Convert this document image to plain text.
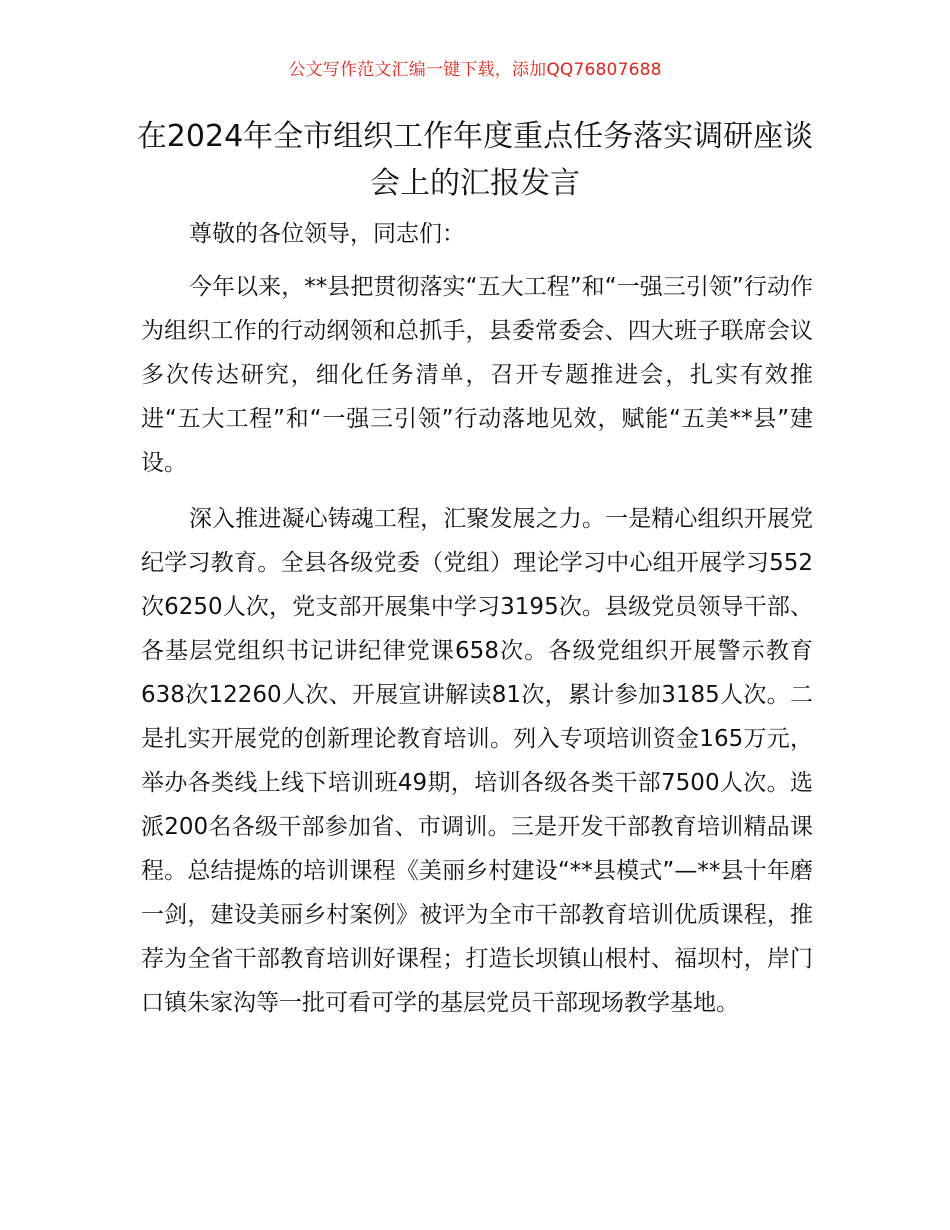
公文写作范文汇编一键下载，添加QQ76807688
在2024年全市组织工作年度重点任务落实调研座谈会上的汇报发言

尊敬的各位领导，同志们：

今年以来，**县把贯彻落实“五大工程”和“一强三引领”行动作为组织工作的行动纲领和总抓手，县委常委会、四大班子联席会议多次传达研究，细化任务清单，召开专题推进会，扎实有效推进“五大工程”和“一强三引领”行动落地见效，赋能“五美**县”建设。

深入推进凝心铸魂工程，汇聚发展之力。一是精心组织开展党纪学习教育。全县各级党委（党组）理论学习中心组开展学习552次6250人次，党支部开展集中学习3195次。县级党员领导干部、各基层党组织书记讲纪律党课658次。各级党组织开展警示教育638次12260人次、开展宣讲解读81次，累计参加3185人次。二是扎实开展党的创新理论教育培训。列入专项培训资金165万元，举办各类线上线下培训班49期，培训各级各类干部7500人次。选派200名各级干部参加省、市调训。三是开发干部教育培训精品课程。总结提炼的培训课程《美丽乡村建设“**县模式”—**县十年磨一剑，建设美丽乡村案例》被评为全市干部教育培训优质课程，推荐为全省干部教育培训好课程；打造长坝镇山根村、福坝村，岸门口镇朱家沟等一批可看可学的基层党员干部现场教学基地。
